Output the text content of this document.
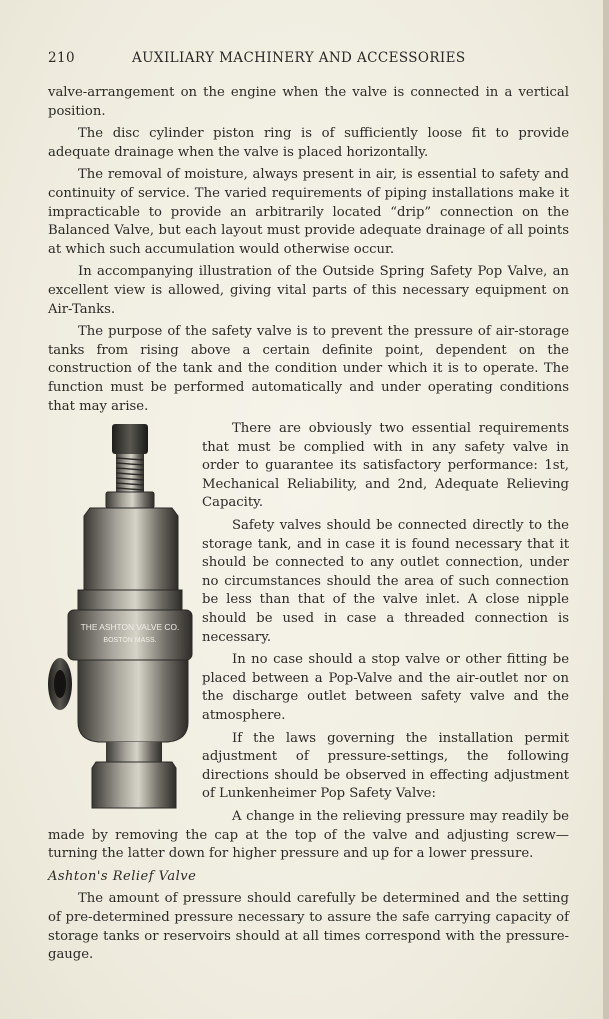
210	AUXILIARY MACHINERY AND ACCESSORIES

valve-arrangement on the engine when the valve is connected in a vertical position.

The disc cylinder piston ring is of sufficiently loose fit to provide adequate drainage when the valve is placed horizontally.

The removal of moisture, always present in air, is essential to safety and continuity of service. The varied requirements of piping installations make it impracticable to provide an arbitrarily located “drip” connection on the Balanced Valve, but each layout must provide adequate drainage of all points at which such accumulation would otherwise occur.

In accompanying illustration of the Outside Spring Safety Pop Valve, an excellent view is allowed, giving vital parts of this necessary equipment on Air-Tanks.

The purpose of the safety valve is to prevent the pressure of air-storage tanks from rising above a certain definite point, dependent on the construction of the tank and the condition under which it is to operate. The function must be performed automatically and under operating conditions that may arise.

THE ASHTON VALVE CO.
BOSTON MASS.

There are obviously two essential requirements that must be complied with in any safety valve in order to guarantee its satisfactory performance: 1st, Mechanical Reliability, and 2nd, Adequate Relieving Capacity.

Safety valves should be connected directly to the storage tank, and in case it is found necessary that it should be connected to any outlet connection, under no circumstances should the area of such connection be less than that of the valve inlet. A close nipple should be used in case a threaded connection is necessary.

In no case should a stop valve or other fitting be placed between a Pop-Valve and the air-outlet nor on the discharge outlet between safety valve and the atmosphere.

If the laws governing the installation permit adjustment of pressure-settings, the following directions should be observed in effecting adjustment of Lunkenheimer Pop Safety Valve:

A change in the relieving pressure may readily be made by removing the cap at the top of the valve and adjusting screw—turning the latter down for higher pressure and up for a lower pressure.

Ashton's Relief Valve

The amount of pressure should carefully be determined and the setting of pre-determined pressure necessary to assure the safe carrying capacity of storage tanks or reservoirs should at all times correspond with the pressure-gauge.
